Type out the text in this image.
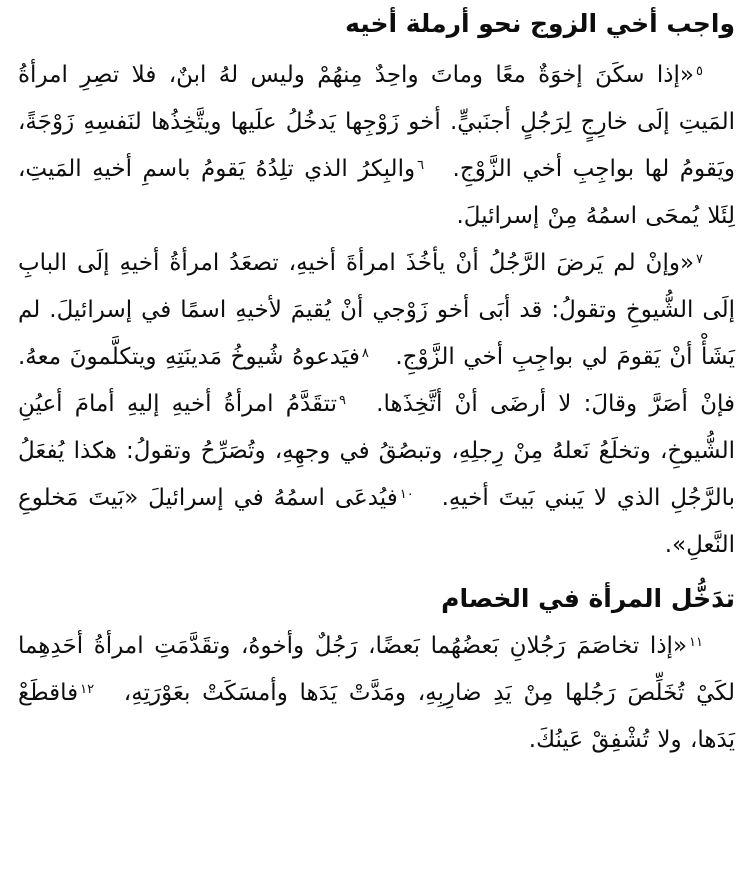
واجب أخي الزوج نحو أرملة أخيه

٥«إذا سكَنَ إخوَةٌ معًا وماتَ واحِدٌ مِنهُمْ وليس لهُ ابنٌ، فلا تصِرِ امرأةُ المَيتِ إلَى خارِجٍ لِرَجُلٍ أجنَبيٍّ. أخو زَوْجِها يَدخُلُ علَيها ويتَّخِذُها لنَفسِهِ زَوْجَةً، ويَقومُ لها بواجِبِ أخي الزَّوْجِ. ٦والبِكرُ الذي تلِدُهُ يَقومُ باسمِ أخيهِ المَيتِ، لِئَلا يُمحَى اسمُهُ مِنْ إسرائيلَ.

٧«وإنْ لم يَرضَ الرَّجُلُ أنْ يأخُذَ امرأةَ أخيهِ، تصعَدُ امرأةُ أخيهِ إلَى البابِ إلَى الشُّيوخِ وتقولُ: قد أبَى أخو زَوْجي أنْ يُقيمَ لأخيهِ اسمًا في إسرائيلَ. لم يَشَأْ أنْ يَقومَ لي بواجِبِ أخي الزَّوْجِ. ٨فيَدعوهُ شُيوخُ مَدينَتِهِ ويتكلَّمونَ معهُ. فإنْ أصَرَّ وقالَ: لا أرضَى أنْ أتَّخِذَها. ٩تتقَدَّمُ امرأةُ أخيهِ إليهِ أمامَ أعيُنِ الشُّيوخِ، وتخلَعُ نَعلهُ مِنْ رِجلِهِ، وتبصُقُ في وجهِهِ، وتُصَرِّحُ وتقولُ: هكذا يُفعَلُ بالرَّجُلِ الذي لا يَبني بَيتَ أخيهِ. ١٠فيُدعَى اسمُهُ في إسرائيلَ «بَيتَ مَخلوعِ النَّعلِ».

تدَخُّل المرأة في الخصام

١١«إذا تخاصَمَ رَجُلانِ بَعضُهُما بَعضًا، رَجُلٌ وأخوهُ، وتقَدَّمَتِ امرأةُ أحَدِهِما لكَيْ تُخَلِّصَ رَجُلها مِنْ يَدِ ضارِبِهِ، ومَدَّتْ يَدَها وأمسَكَتْ بعَوْرَتِهِ، ١٢فاقطَعْ يَدَها، ولا تُشْفِقْ عَينُكَ.
